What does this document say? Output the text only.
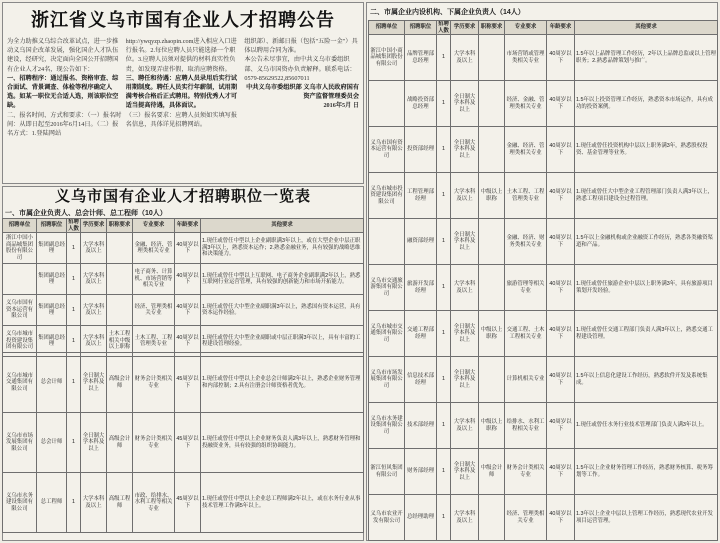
浙江省义乌市国有企业人才招聘公告

为全力助推义乌综合改革试点，进一步推动义乌国企改革发展，强化国企人才队伍建设，经研究，决定面向全国公开招聘国有企业人才24名，现公告如下：

一、招聘程序：通过报名、资格审查、综合面试、背景调查、体检等程序确定人选。如某一职位无合适人选，则该职位空缺。

二、报名时间、方式和要求：（一）报名时间：从即日起至2016年6月14日。（二）报名方式：1.登陆网站

http://ywqyzp.zhaopin.com进入相应入口进行报名。2.每位应聘人员只能选择一个职位。3.应聘人员须对提供的材料真实性负责，如发现弄虚作假，取消应聘资格。

三、聘任和待遇：应聘人员录用后实行试用期制度。聘任人员实行年薪制，试用期满考核合格后正式聘用。特别优秀人才可适当提高待遇，具体面议。

（三）报名要求：应聘人员须如实填写报名信息，具体详见招聘网站。

组织部）、新邮日报（包括"五险一金"）具体以聘用合同为准。

本公告未尽事宜，由中共义乌市委组织部、义乌市国资办负责解释。联系电话：0579-85629522,85607011

中共义乌市委组织部 义乌市人民政府国有资产监督管理委员会

2016年5月 日

义乌市国有企业人才招聘职位一览表
一、市属企业负责人、总会计师、总工程师（10人）
招聘单位	招聘职位	招聘人数	学历要求	职称要求	专业要求	年龄要求	其他要求
浙江中国小商品城集团股份有限公司	集团副总经理	1	大学本科及以上		金融、经济、管理类相关专业	40周岁以下	1.现任或曾任中型以上企业副职满3年以上，或在大型企业中层正职满3年以上，熟悉资本运作；2.熟悉金融业务，具有较强的战略思维和决策能力。
	集团副总经理	1	大学本科及以上		电子商务、计算机、市场营销等相关专业	40周岁以下	1.现任或曾任中型以上互联网、电子商务企业副职满2年以上，熟悉互联网行业运营管理，具有较强的创新能力和市场开拓能力。
义乌市国有资本运营有限公司	集团副总经理	1	大学本科及以上		经济、管理类相关专业	40周岁以下	1.现任或曾任大中型企业副职满3年以上，熟悉国有资本运营，具有资本运作经验。
义乌市城市投资建设集团有限公司	集团副总经理	1	大学本科及以上	土木工程相关中级以上职称	土木工程、工程管理类专业	40周岁以下	1.现任或曾任大中型企业副职或中层正职满3年以上，具有丰富的工程建设管理经验。
义乌市城市交通集团有限公司	总会计师	1	全日制大学本科及以上	高级会计师	财务会计类相关专业	45周岁以下	1.现任或曾任中型以上企业总会计师满2年以上，熟悉企业财务管理和内部控制；2.具有注册会计师资格者优先。
义乌市市场发展集团有限公司	总会计师	1	全日制大学本科及以上	高级会计师	财务会计类相关专业	45周岁以下	1.现任或曾任中型以上企业财务负责人满3年以上，熟悉财务管理和投融资业务，具有较强的组织协调能力。
义乌市水务建设集团有限公司	总工程师	1	大学本科及以上	高级工程师	市政、给排水、水利工程等相关专业	45周岁以下	1.现任或曾任中型以上企业总工程师满2年以上，或在水务行业从事技术管理工作满5年以上。
二、市属企业内设机构、下属企业负责人（14人）
招聘单位	招聘职位	招聘人数	学历要求	职称要求	专业要求	年龄要求	其他要求
浙江中国小商品城集团股份有限公司	品牌管理部总经理	1	大学本科及以上		市场营销或管理类相关专业	40周岁以下	1.5年以上品牌管理工作经历，2年以上品牌总监或以上管理职务；2.熟悉品牌策划与推广。
	战略投资部总经理	1	全日制大学本科及以上		经济、金融、管理类相关专业	40周岁以下	1.5年以上投资管理工作经历，熟悉资本市场运作，具有成功的投资案例。
义乌市国有资本运营有限公司	投资部经理	1	全日制大学本科及以上		金融、经济、管理类相关专业	40周岁以下	1.现任或曾任投资机构中层以上职务满3年，熟悉股权投资、基金管理等业务。
义乌市城市投资建设集团有限公司	工程管理部经理	1	大学本科及以上	中级以上职称	土木工程、工程管理类专业	40周岁以下	1.现任或曾任大中型企业工程管理部门负责人满3年以上，熟悉工程项目建设全过程管理。
	融资部经理	1	全日制大学本科及以上		金融、经济、财务类相关专业	40周岁以下	1.5年以上金融机构或企业融资工作经历，熟悉各类融资渠道和产品。
义乌市交通旅游集团有限公司	旅游开发部经理	1	大学本科及以上		旅游管理等相关专业	40周岁以下	1.现任或曾任旅游企业中层以上职务满3年，具有旅游项目策划开发经验。
义乌市城市交通集团有限公司	交通工程部经理	1	全日制大学本科及以上	中级以上职称	交通工程、土木工程相关专业	40周岁以下	1.现任或曾任交通工程部门负责人满3年以上，熟悉交通工程建设管理。
义乌市市场发展集团有限公司	信息技术部经理	1	全日制大学本科及以上		计算机相关专业	40周岁以下	1.5年以上信息化建设工作经历，熟悉软件开发及系统集成。
义乌市水务建设集团有限公司	技术部经理	1	大学本科及以上	中级以上职称	给排水、水利工程相关专业	40周岁以下	1.现任或曾任水务行业技术管理部门负责人满3年以上。
浙江恒风集团有限公司	财务部经理	1	全日制大学本科及以上	中级会计师	财务会计类相关专业	40周岁以下	1.5年以上企业财务管理工作经历，熟悉财务核算、税务筹划等工作。
义乌市农业开发有限公司	总经理助理	1	大学本科及以上		经济、管理类相关专业	40周岁以下	1.3年以上企业中层以上管理工作经历，熟悉现代农业开发项目运营管理。
